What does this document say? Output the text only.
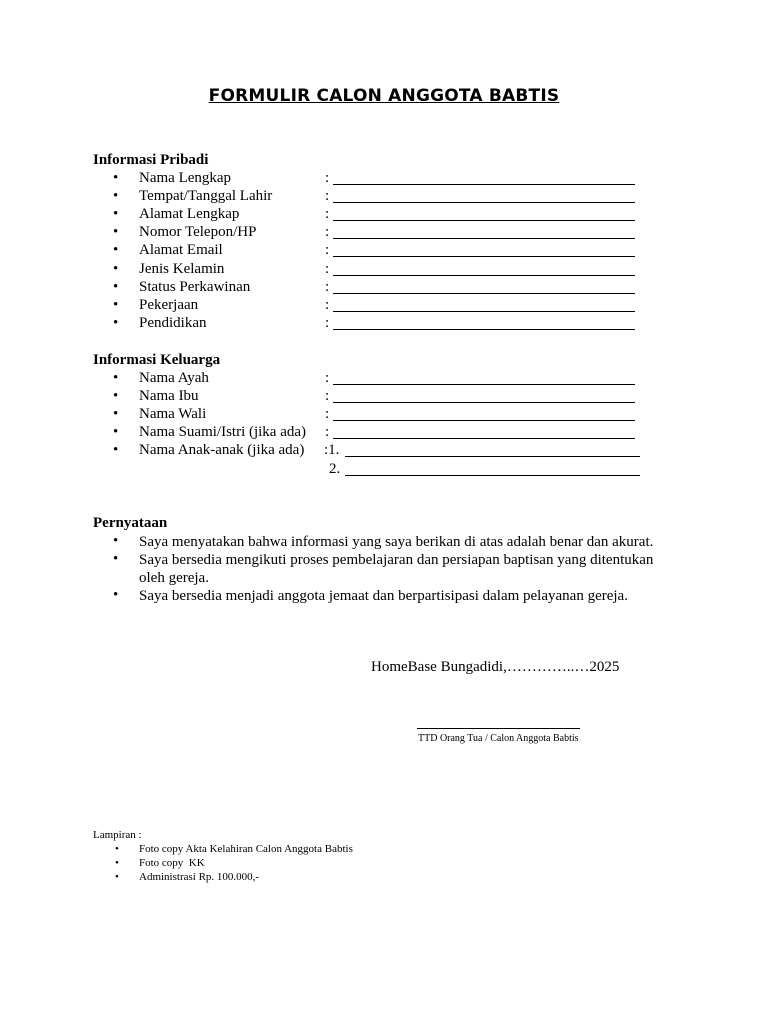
FORMULIR CALON ANGGOTA BABTIS
Informasi Pribadi
• Nama Lengkap	:
• Tempat/Tanggal Lahir	:
• Alamat Lengkap	:
• Nomor Telepon/HP	:
• Alamat Email	:
• Jenis Kelamin	:
• Status Perkawinan	:
• Pekerjaan	:
• Pendidikan	:
Informasi Keluarga
• Nama Ayah	:
• Nama Ibu	:
• Nama Wali	:
• Nama Suami/Istri (jika ada) :
• Nama Anak-anak (jika ada) :1.
2.
Pernyataan
• Saya menyatakan bahwa informasi yang saya berikan di atas adalah benar dan akurat.
• Saya bersedia mengikuti proses pembelajaran dan persiapan baptisan yang ditentukan oleh gereja.
• Saya bersedia menjadi anggota jemaat dan berpartisipasi dalam pelayanan gereja.
HomeBase Bungadidi,…………..…2025
TTD Orang Tua / Calon Anggota Babtis
Lampiran :
• Foto copy Akta Kelahiran Calon Anggota Babtis
• Foto copy  KK
• Administrasi Rp. 100.000,-
